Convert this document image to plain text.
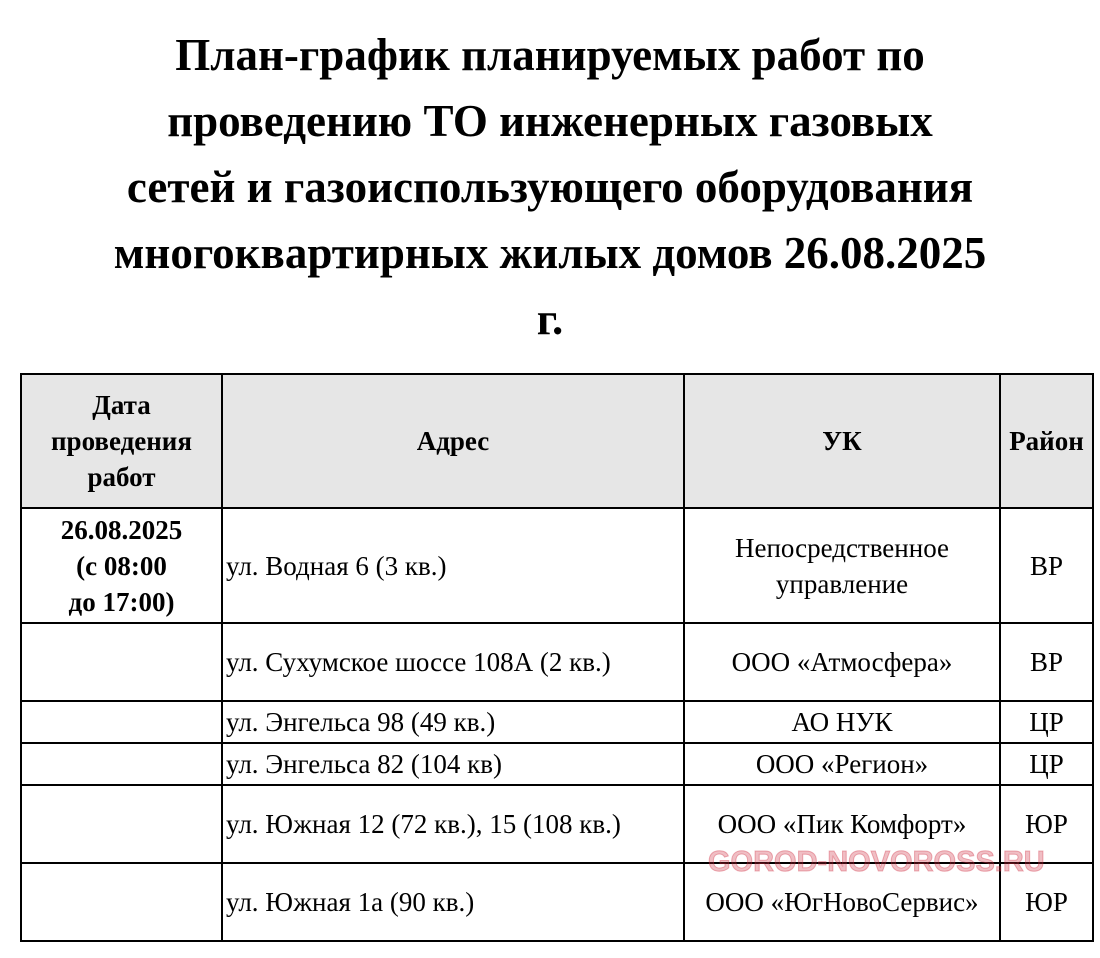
План-график планируемых работ по
проведению ТО инженерных газовых
сетей и газоиспользующего оборудования
многоквартирных жилых домов 26.08.2025
г.
Дата проведения работ	Адрес	УК	Район
26.08.2025
(с 08:00
до 17:00)	ул. Водная 6 (3 кв.)	Непосредственное управление	ВР
	ул. Сухумское шоссе 108А (2 кв.)	ООО «Атмосфера»	ВР
	ул. Энгельса 98 (49 кв.)	АО НУК	ЦР
	ул. Энгельса 82 (104 кв)	ООО «Регион»	ЦР
	ул. Южная 12 (72 кв.), 15 (108 кв.)	ООО «Пик Комфорт»	ЮР
	ул. Южная 1а (90 кв.)	ООО «ЮгНовоСервис»	ЮР
GOROD-NOVOROSS.RU
